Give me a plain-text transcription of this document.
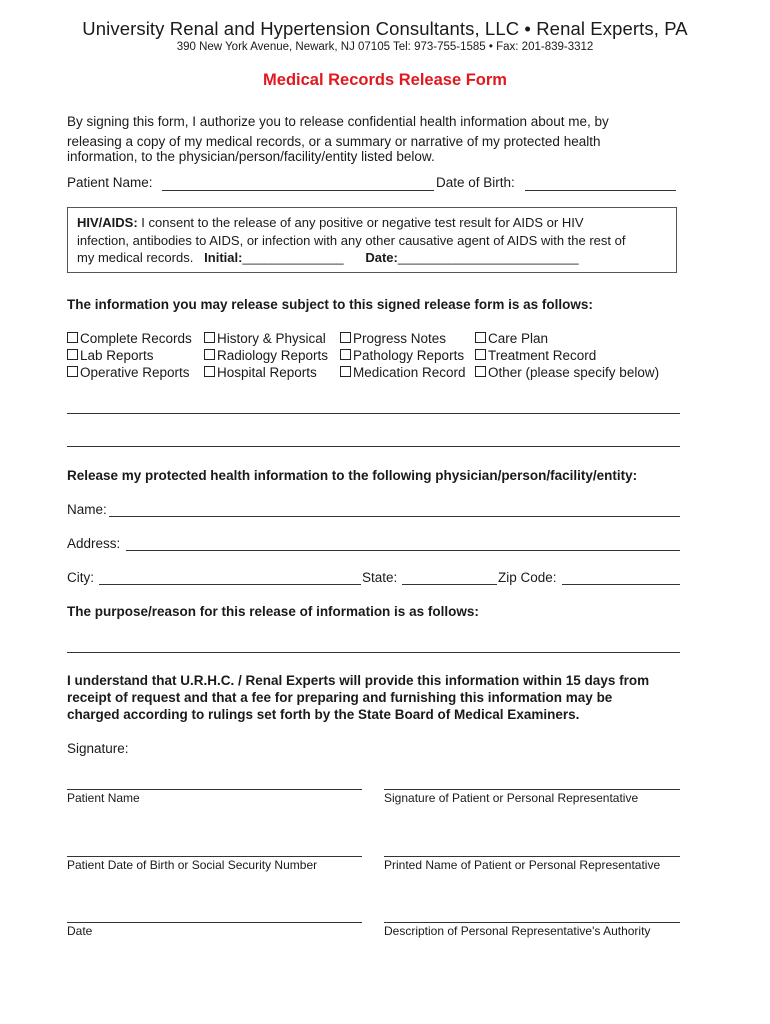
University Renal and Hypertension Consultants, LLC • Renal Experts, PA
390 New York Avenue, Newark, NJ 07105 Tel: 973-755-1585 • Fax: 201-839-3312
Medical Records Release Form
By signing this form, I authorize you to release confidential health information about me, by
releasing a copy of my medical records, or a summary or narrative of my protected health
information, to the physician/person/facility/entity listed below.
Patient Name:	Date of Birth:
HIV/AIDS: I consent to the release of any positive or negative test result for AIDS or HIV
infection, antibodies to AIDS, or infection with any other causative agent of AIDS with the rest of
my medical records. Initial:______________ Date:_________________________
The information you may release subject to this signed release form is as follows:
Complete Records	History & Physical	Progress Notes	Care Plan
Lab Reports	Radiology Reports	Pathology Reports	Treatment Record
Operative Reports	Hospital Reports	Medication Record	Other (please specify below)
Release my protected health information to the following physician/person/facility/entity:
Name:
Address:
City:	State:	Zip Code:
The purpose/reason for this release of information is as follows:
I understand that U.R.H.C. / Renal Experts will provide this information within 15 days from
receipt of request and that a fee for preparing and furnishing this information may be
charged according to rulings set forth by the State Board of Medical Examiners.
Signature:
Patient Name	Signature of Patient or Personal Representative
Patient Date of Birth or Social Security Number	Printed Name of Patient or Personal Representative
Date	Description of Personal Representative's Authority
